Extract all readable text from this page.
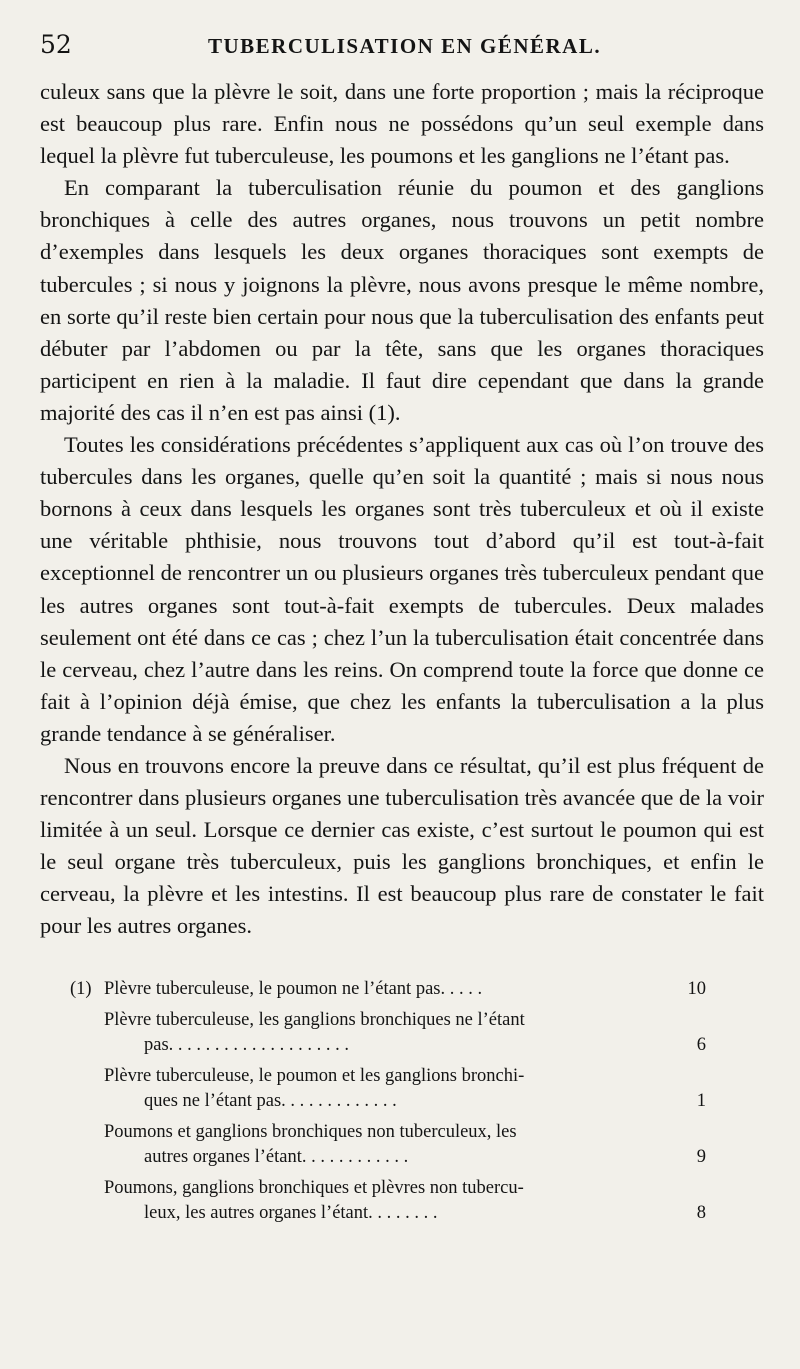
52	TUBERCULISATION EN GÉNÉRAL.

culeux sans que la plèvre le soit, dans une forte proportion ; mais la réciproque est beaucoup plus rare. Enfin nous ne possédons qu’un seul exemple dans lequel la plèvre fut tuberculeuse, les poumons et les ganglions ne l’étant pas.

En comparant la tuberculisation réunie du poumon et des ganglions bronchiques à celle des autres organes, nous trouvons un petit nombre d’exemples dans lesquels les deux organes thoraciques sont exempts de tubercules ; si nous y joignons la plèvre, nous avons presque le même nombre, en sorte qu’il reste bien certain pour nous que la tuberculisation des enfants peut débuter par l’abdomen ou par la tête, sans que les organes thoraciques participent en rien à la maladie. Il faut dire cependant que dans la grande majorité des cas il n’en est pas ainsi (1).

Toutes les considérations précédentes s’appliquent aux cas où l’on trouve des tubercules dans les organes, quelle qu’en soit la quantité ; mais si nous nous bornons à ceux dans lesquels les organes sont très tuberculeux et où il existe une véritable phthisie, nous trouvons tout d’abord qu’il est tout-à-fait exceptionnel de rencontrer un ou plusieurs organes très tuberculeux pendant que les autres organes sont tout-à-fait exempts de tubercules. Deux malades seulement ont été dans ce cas ; chez l’un la tuberculisation était concentrée dans le cerveau, chez l’autre dans les reins. On comprend toute la force que donne ce fait à l’opinion déjà émise, que chez les enfants la tuberculisation a la plus grande tendance à se généraliser.

Nous en trouvons encore la preuve dans ce résultat, qu’il est plus fréquent de rencontrer dans plusieurs organes une tuberculisation très avancée que de la voir limitée à un seul. Lorsque ce dernier cas existe, c’est surtout le poumon qui est le seul organe très tuberculeux, puis les ganglions bronchiques, et enfin le cerveau, la plèvre et les intestins. Il est beaucoup plus rare de constater le fait pour les autres organes.

(1) Plèvre tuberculeuse, le poumon ne l’étant pas. . . . .	10
Plèvre tuberculeuse, les ganglions bronchiques ne l’étant
pas. . . . . . . . . . . . . . . . . . . .	6
Plèvre tuberculeuse, le poumon et les ganglions bronchi-
ques ne l’étant pas. . . . . . . . . . . . .	1
Poumons et ganglions bronchiques non tuberculeux, les
autres organes l’étant. . . . . . . . . . . .	9
Poumons, ganglions bronchiques et plèvres non tubercu-
leux, les autres organes l’étant. . . . . . . .	8
